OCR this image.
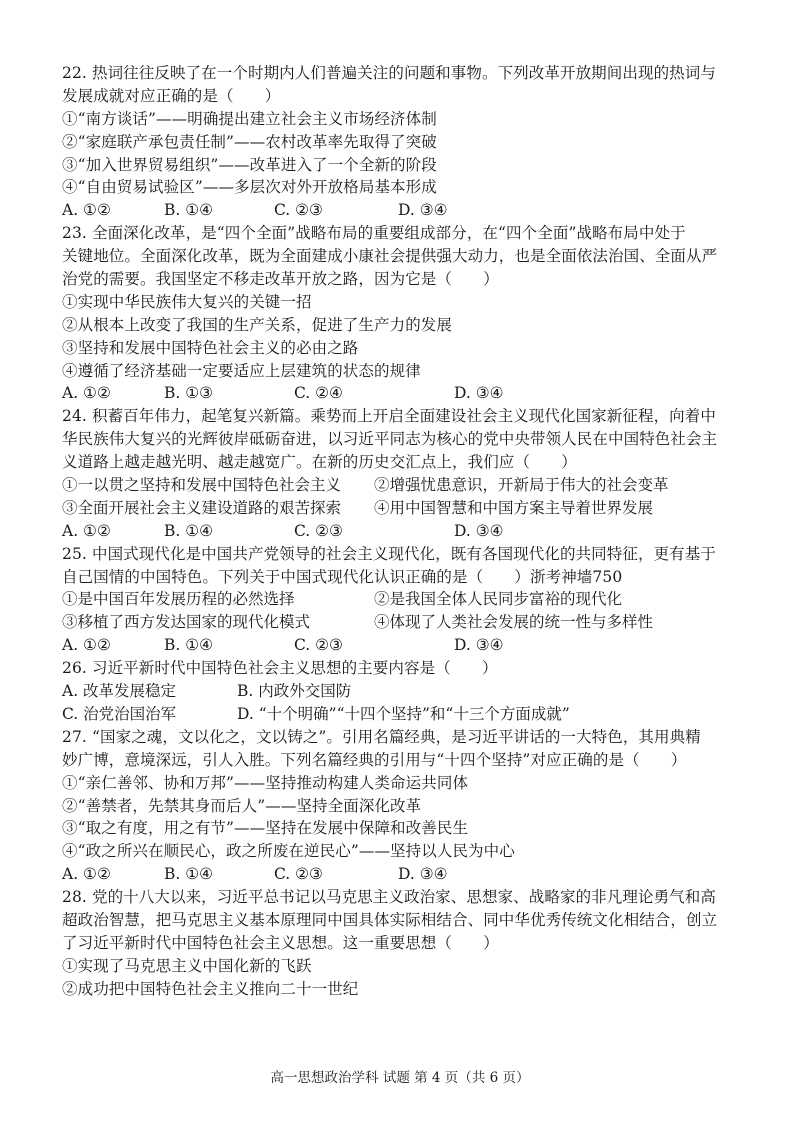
22. 热词往往反映了在一个时期内人们普遍关注的问题和事物。下列改革开放期间出现的热词与
发展成就对应正确的是（　　）
①“南方谈话”——明确提出建立社会主义市场经济体制
②“家庭联产承包责任制”——农村改革率先取得了突破
③“加入世界贸易组织”——改革进入了一个全新的阶段
④“自由贸易试验区”——多层次对外开放格局基本形成
A. ①②	B. ①④	C. ②③	D. ③④
23. 全面深化改革，是“四个全面”战略布局的重要组成部分，在“四个全面”战略布局中处于
关键地位。全面深化改革，既为全面建成小康社会提供强大动力，也是全面依法治国、全面从严
治党的需要。我国坚定不移走改革开放之路，因为它是（　　）
①实现中华民族伟大复兴的关键一招
②从根本上改变了我国的生产关系，促进了生产力的发展
③坚持和发展中国特色社会主义的必由之路
④遵循了经济基础一定要适应上层建筑的状态的规律
A. ①②	B. ①③	C. ②④	D. ③④
24. 积蓄百年伟力，起笔复兴新篇。乘势而上开启全面建设社会主义现代化国家新征程，向着中
华民族伟大复兴的光辉彼岸砥砺奋进，以习近平同志为核心的党中央带领人民在中国特色社会主
义道路上越走越光明、越走越宽广。在新的历史交汇点上，我们应（　　）
①一以贯之坚持和发展中国特色社会主义	②增强忧患意识，开新局于伟大的社会变革
③全面开展社会主义建设道路的艰苦探索	④用中国智慧和中国方案主导着世界发展
A. ①②	B. ①④	C. ②③	D. ③④
25. 中国式现代化是中国共产党领导的社会主义现代化，既有各国现代化的共同特征，更有基于
自己国情的中国特色。下列关于中国式现代化认识正确的是（　　）浙考神墙750
①是中国百年发展历程的必然选择	②是我国全体人民同步富裕的现代化
③移植了西方发达国家的现代化模式	④体现了人类社会发展的统一性与多样性
A. ①②	B. ①④	C. ②③	D. ③④
26. 习近平新时代中国特色社会主义思想的主要内容是（　　）
A. 改革发展稳定	B. 内政外交国防
C. 治党治国治军	D. “十个明确”“十四个坚持”和“十三个方面成就”
27. “国家之魂，文以化之，文以铸之”。引用名篇经典，是习近平讲话的一大特色，其用典精
妙广博，意境深远，引人入胜。下列名篇经典的引用与“十四个坚持”对应正确的是（　　）
①“亲仁善邻、协和万邦”——坚持推动构建人类命运共同体
②“善禁者，先禁其身而后人”——坚持全面深化改革
③“取之有度，用之有节”——坚持在发展中保障和改善民生
④“政之所兴在顺民心，政之所废在逆民心”——坚持以人民为中心
A. ①②	B. ①④	C. ②③	D. ③④
28. 党的十八大以来，习近平总书记以马克思主义政治家、思想家、战略家的非凡理论勇气和高
超政治智慧，把马克思主义基本原理同中国具体实际相结合、同中华优秀传统文化相结合，创立
了习近平新时代中国特色社会主义思想。这一重要思想（　　）
①实现了马克思主义中国化新的飞跃
②成功把中国特色社会主义推向二十一世纪
高一思想政治学科 试题 第 4 页（共 6 页）
